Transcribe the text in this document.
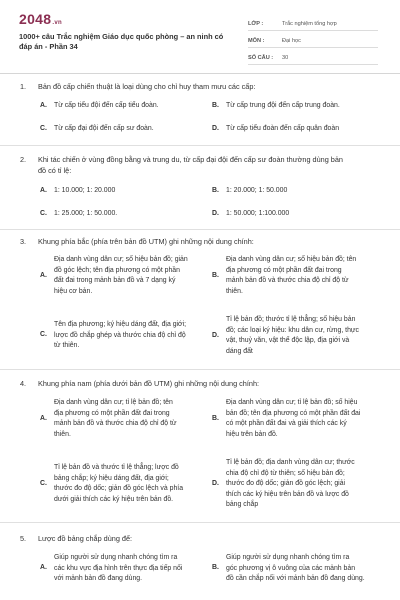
2048.vn
1000+ câu Trắc nghiệm Giáo dục quốc phòng – an ninh có đáp án - Phần 34
LỚP :	Trắc nghiệm tổng hợp
MÔN :	Đại học
SỐ CÂU :	30
1. Bản đồ cấp chiến thuật là loại dùng cho chỉ huy tham mưu các cấp:
A. Từ cấp tiểu đội đến cấp tiểu đoàn.	B. Từ cấp trung đội đến cấp trung đoàn.
C. Từ cấp đại đội đến cấp sư đoàn.	D. Từ cấp tiểu đoàn đến cấp quân đoàn
2. Khi tác chiến ở vùng đồng bằng và trung du, từ cấp đại đội đến cấp sư đoàn thường dùng bản
đồ có tỉ lệ:
A. 1: 10.000; 1: 20.000	B. 1: 20.000; 1: 50.000
C. 1: 25.000; 1: 50.000.	D. 1: 50.000; 1:100.000
3. Khung phía bắc (phía trên bản đồ UTM) ghi những nội dung chính:
A.
Địa danh vùng dân cư; số hiệu bản đồ; giản
đồ góc lệch; tên địa phương có một phần
đất đai trong mảnh bản đồ và 7 dạng ký
hiệu cơ bản.
B.
Địa danh vùng dân cư; số hiệu bản đồ; tên
địa phương có một phần đất đai trong
mảnh bản đồ và thước chia độ chỉ độ từ
thiên.
C.
Tên địa phương; ký hiệu dáng đất, địa giới;
lược đồ chắp ghép và thước chia độ chỉ độ
từ thiên.
D.
Tỉ lệ bản đồ; thước tỉ lệ thẳng; số hiệu bản
đồ; các loại ký hiệu: khu dân cư, rừng, thực
vật, thuỷ văn, vật thể độc lập, địa giới và
dáng đất
4. Khung phía nam (phía dưới bản đồ UTM) ghi những nội dung chính:
A.
Địa danh vùng dân cư; tỉ lệ bản đồ; tên
địa phương có một phần đất đai trong
mảnh bản đồ và thước chia độ chỉ độ từ
thiên.
B.
Địa danh vùng dân cư; tỉ lệ bản đồ; số hiệu
bản đồ; tên địa phương có một phần đất đai
có một phần đất đai và giải thích các ký
hiệu trên bản đồ.
C.
Tỉ lệ bản đồ và thước tỉ lệ thẳng; lược đồ
bảng chắp; ký hiệu dáng đất, địa giới;
thước đo độ dốc; giản đồ góc lệch và phía
dưới giải thích các ký hiệu trên bản đồ.
D.
Tỉ lệ bản đồ; địa danh vùng dân cư; thước
chia độ chỉ độ từ thiên; số hiệu bản đồ;
thước đo độ dốc; giản đồ góc lệch; giải
thích các ký hiệu trên bản đồ và lược đồ
bảng chắp
5. Lược đồ bảng chắp dùng để:
A.
Giúp người sử dụng nhanh chóng tìm ra
các khu vực địa hình trên thực địa tiếp nối
với mảnh bản đồ đang dùng.
B.
Giúp người sử dụng nhanh chóng tìm ra
góc phương vị ô vuông của các mảnh bản
đồ cần chắp nối với mảnh bản đồ đang dùng.
